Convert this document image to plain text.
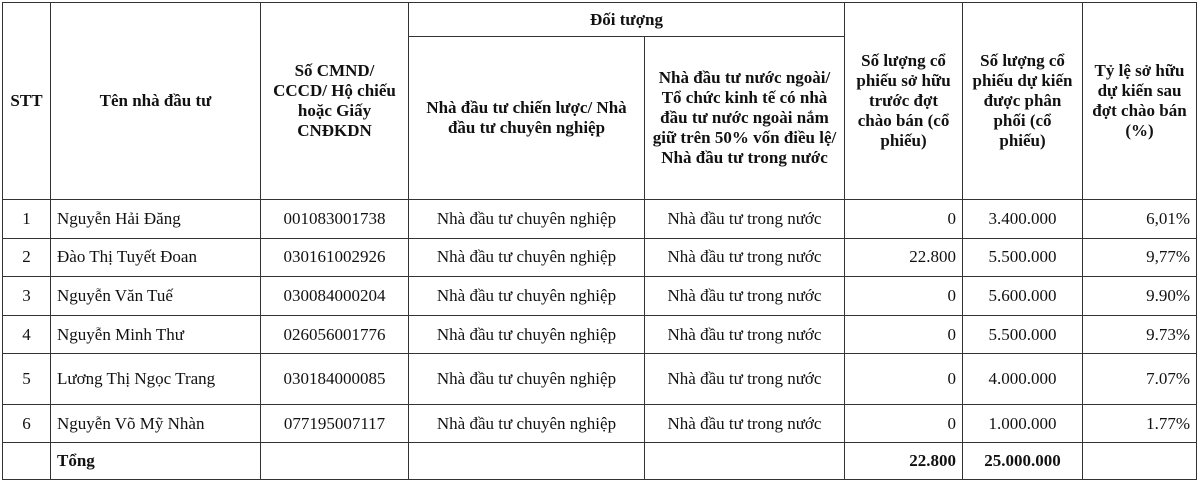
STT	Tên nhà đầu tư	Số CMND/ CCCD/ Hộ chiếu hoặc Giấy CNĐKDN	Đối tượng		Số lượng cổ phiếu sở hữu trước đợt chào bán (cổ phiếu)	Số lượng cổ phiếu dự kiến được phân phối (cổ phiếu)	Tỷ lệ sở hữu dự kiến sau đợt chào bán (%)
			Nhà đầu tư chiến lược/ Nhà đầu tư chuyên nghiệp	Nhà đầu tư nước ngoài/ Tổ chức kinh tế có nhà đầu tư nước ngoài nắm giữ trên 50% vốn điều lệ/ Nhà đầu tư trong nước			
1	Nguyễn Hải Đăng	001083001738	Nhà đầu tư chuyên nghiệp	Nhà đầu tư trong nước	0	3.400.000	6,01%
2	Đào Thị Tuyết Đoan	030161002926	Nhà đầu tư chuyên nghiệp	Nhà đầu tư trong nước	22.800	5.500.000	9,77%
3	Nguyễn Văn Tuế	030084000204	Nhà đầu tư chuyên nghiệp	Nhà đầu tư trong nước	0	5.600.000	9.90%
4	Nguyễn Minh Thư	026056001776	Nhà đầu tư chuyên nghiệp	Nhà đầu tư trong nước	0	5.500.000	9.73%
5	Lương Thị Ngọc Trang	030184000085	Nhà đầu tư chuyên nghiệp	Nhà đầu tư trong nước	0	4.000.000	7.07%
6	Nguyễn Võ Mỹ Nhàn	077195007117	Nhà đầu tư chuyên nghiệp	Nhà đầu tư trong nước	0	1.000.000	1.77%
	Tổng				22.800	25.000.000	
